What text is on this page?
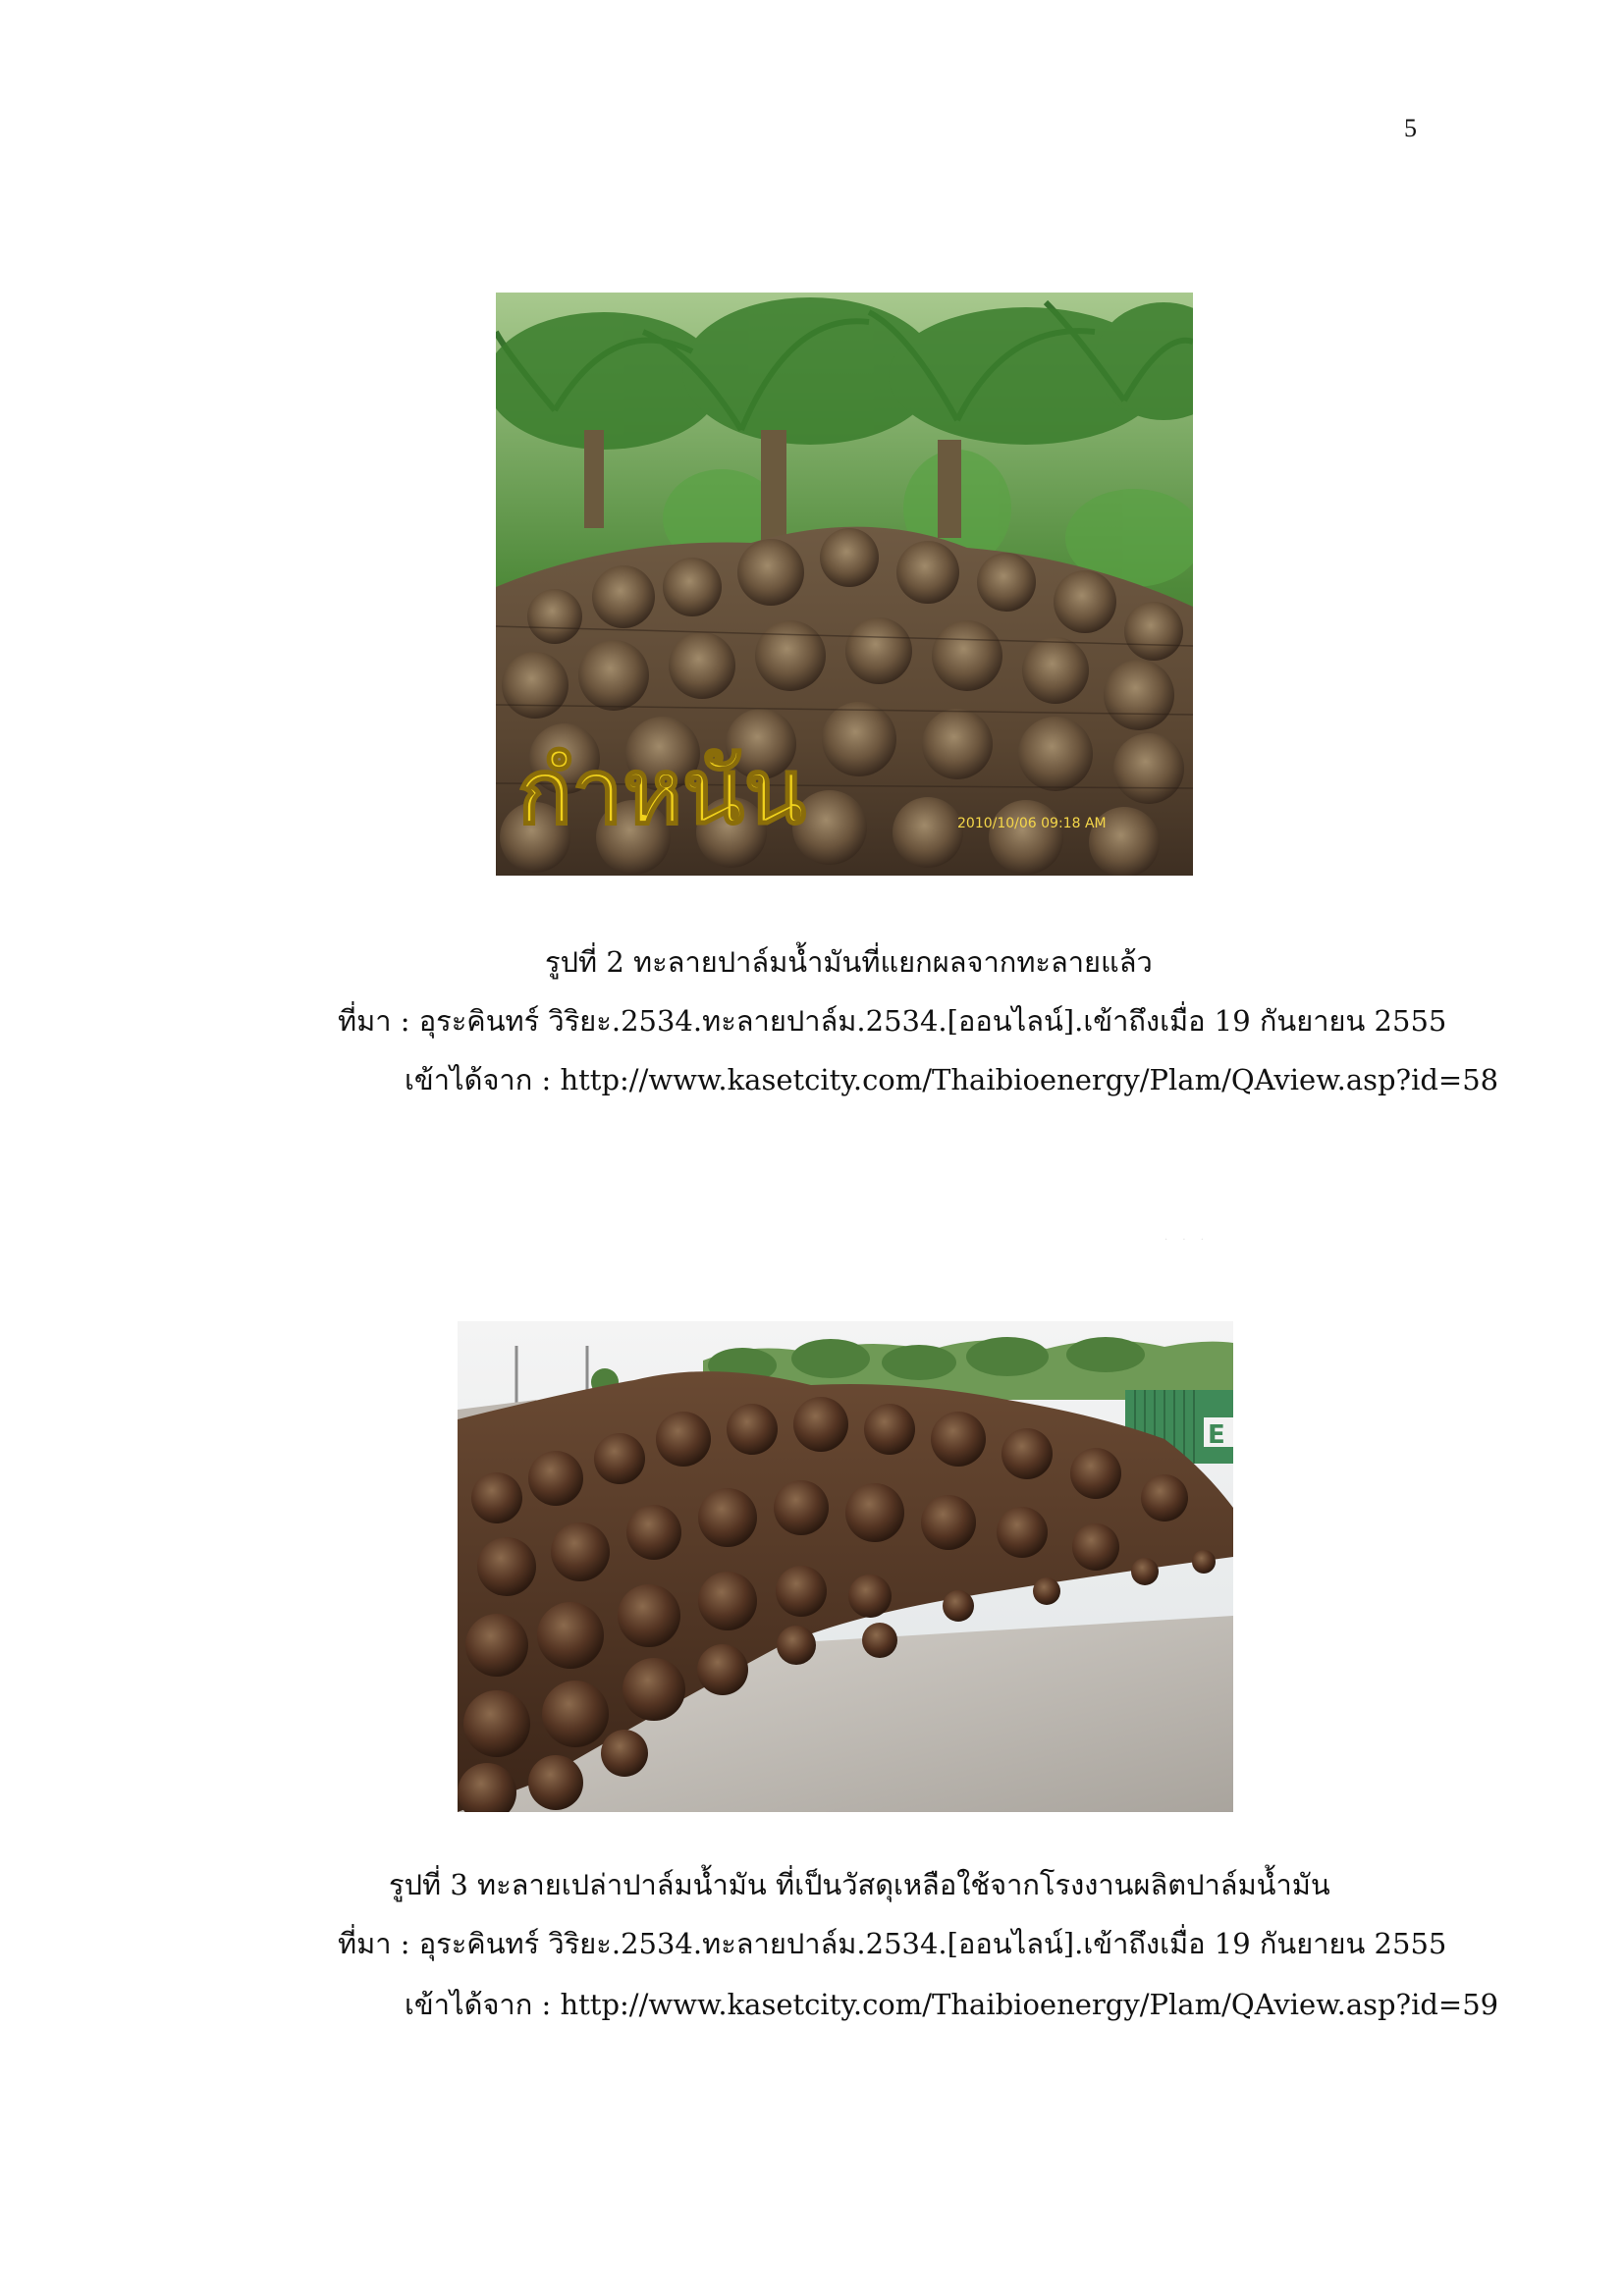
5
กำหนัน	2010/10/06 09:18 AM
รูปที่ 2 ทะลายปาล์มน้ำมันที่แยกผลจากทะลายแล้ว
ที่มา : อุระคินทร์ วิริยะ.2534.ทะลายปาล์ม.2534.[ออนไลน์].เข้าถึงเมื่อ 19 กันยายน 2555
เข้าได้จาก : http://www.kasetcity.com/Thaibioenergy/Plam/QAview.asp?id=58
· · ·
E
รูปที่ 3 ทะลายเปล่าปาล์มน้ำมัน ที่เป็นวัสดุเหลือใช้จากโรงงานผลิตปาล์มน้ำมัน
ที่มา : อุระคินทร์ วิริยะ.2534.ทะลายปาล์ม.2534.[ออนไลน์].เข้าถึงเมื่อ 19 กันยายน 2555
เข้าได้จาก : http://www.kasetcity.com/Thaibioenergy/Plam/QAview.asp?id=59
